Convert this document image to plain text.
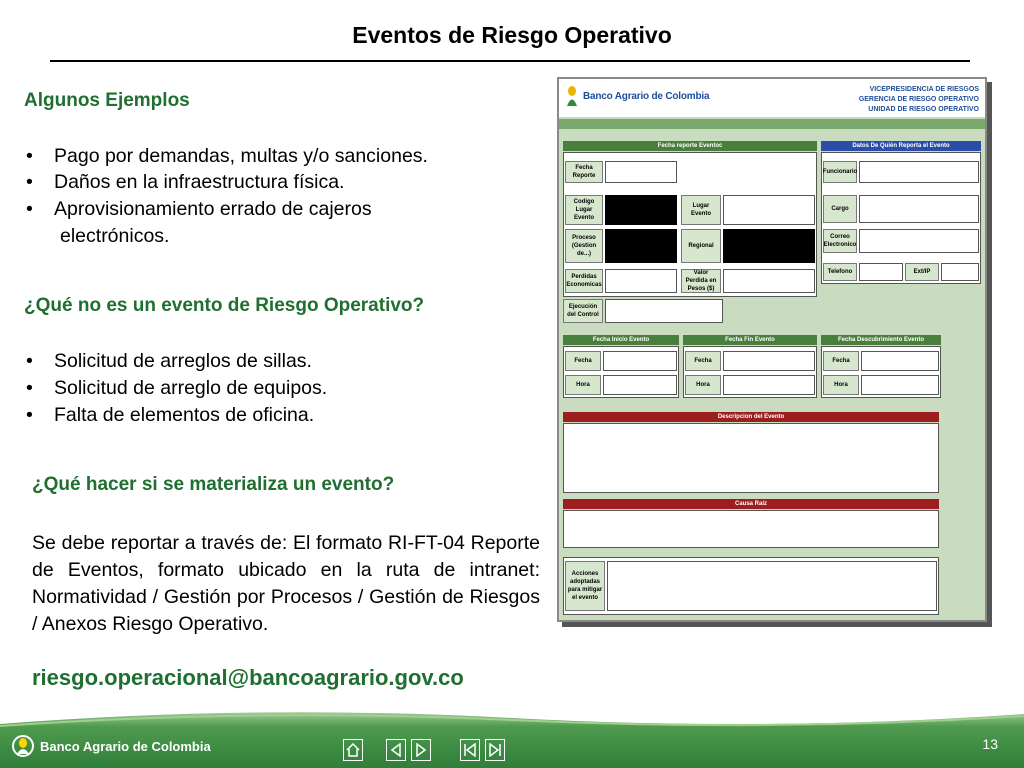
Eventos de Riesgo Operativo
Algunos Ejemplos
• Pago por demandas, multas y/o sanciones.
• Daños en la infraestructura física.
• Aprovisionamiento errado de cajeros
electrónicos.
¿Qué no es un evento de Riesgo Operativo?
• Solicitud de arreglos de sillas.
• Solicitud de arreglo de equipos.
• Falta de elementos de oficina.
¿Qué hacer si se materializa un evento?
Se debe reportar a través de: El formato RI-FT-04 Reporte de Eventos, formato ubicado en la ruta de intranet: Normatividad / Gestión por Procesos / Gestión de Riesgos / Anexos Riesgo Operativo.
riesgo.operacional@bancoagrario.gov.co
Banco Agrario de Colombia
VICEPRESIDENCIA DE RIESGOS
GERENCIA DE RIESGO OPERATIVO
UNIDAD DE RIESGO OPERATIVO
Fecha reporte Eventoc
Fecha Reporte
Codigo Lugar Evento
Lugar Evento
Proceso (Gestion de...)
Regional
Perdidas Economicas
Valor Perdida en Pesos ($)
Ejecución del Control
Datos De Quién Reporta el Evento
Funcionario
Cargo
Correo Electronico
Telefono	Ext/IP
Fecha Inicio Evento
Fecha
Hora
Fecha Fin Evento
Fecha
Hora
Fecha Descubrimiento Evento
Fecha
Hora
Descripcion del Evento
Causa Raíz
Acciones adoptadas para mitigar el evento
Banco Agrario de Colombia	13
